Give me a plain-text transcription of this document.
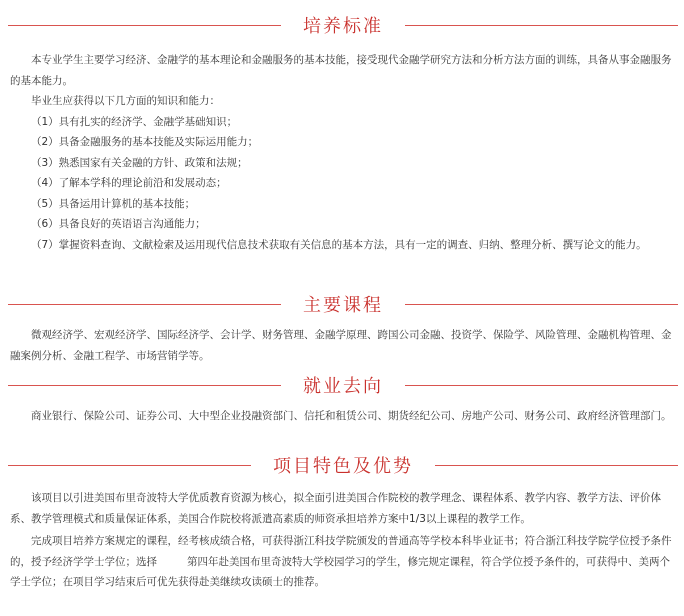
培养标准

本专业学生主要学习经济、金融学的基本理论和金融服务的基本技能，接受现代金融学研究方法和分析方法方面的训练，具备从事金融服务的基本能力。

毕业生应获得以下几方面的知识和能力：

（1）具有扎实的经济学、金融学基础知识；
（2）具备金融服务的基本技能及实际运用能力；
（3）熟悉国家有关金融的方针、政策和法规；
（4）了解本学科的理论前沿和发展动态；
（5）具备运用计算机的基本技能；
（6）具备良好的英语语言沟通能力；
（7）掌握资料查询、文献检索及运用现代信息技术获取有关信息的基本方法，具有一定的调查、归纳、整理分析、撰写论文的能力。
主要课程

微观经济学、宏观经济学、国际经济学、会计学、财务管理、金融学原理、跨国公司金融、投资学、保险学、风险管理、金融机构管理、金融案例分析、金融工程学、市场营销学等。

就业去向

商业银行、保险公司、证券公司、大中型企业投融资部门、信托和租赁公司、期货经纪公司、房地产公司、财务公司、政府经济管理部门。

项目特色及优势

该项目以引进美国布里奇波特大学优质教育资源为核心，拟全面引进美国合作院校的教学理念、课程体系、教学内容、教学方法、评价体系、教学管理模式和质量保证体系，美国合作院校将派遣高素质的师资承担培养方案中1/3以上课程的教学工作。

完成项目培养方案规定的课程，经考核成绩合格，可获得浙江科技学院颁发的普通高等学校本科毕业证书；符合浙江科技学院学位授予条件的，授予经济学学士学位；选择         第四年赴美国布里奇波特大学校园学习的学生，修完规定课程，符合学位授予条件的，可获得中、美两个学士学位；在项目学习结束后可优先获得赴美继续攻读硕士的推荐。
